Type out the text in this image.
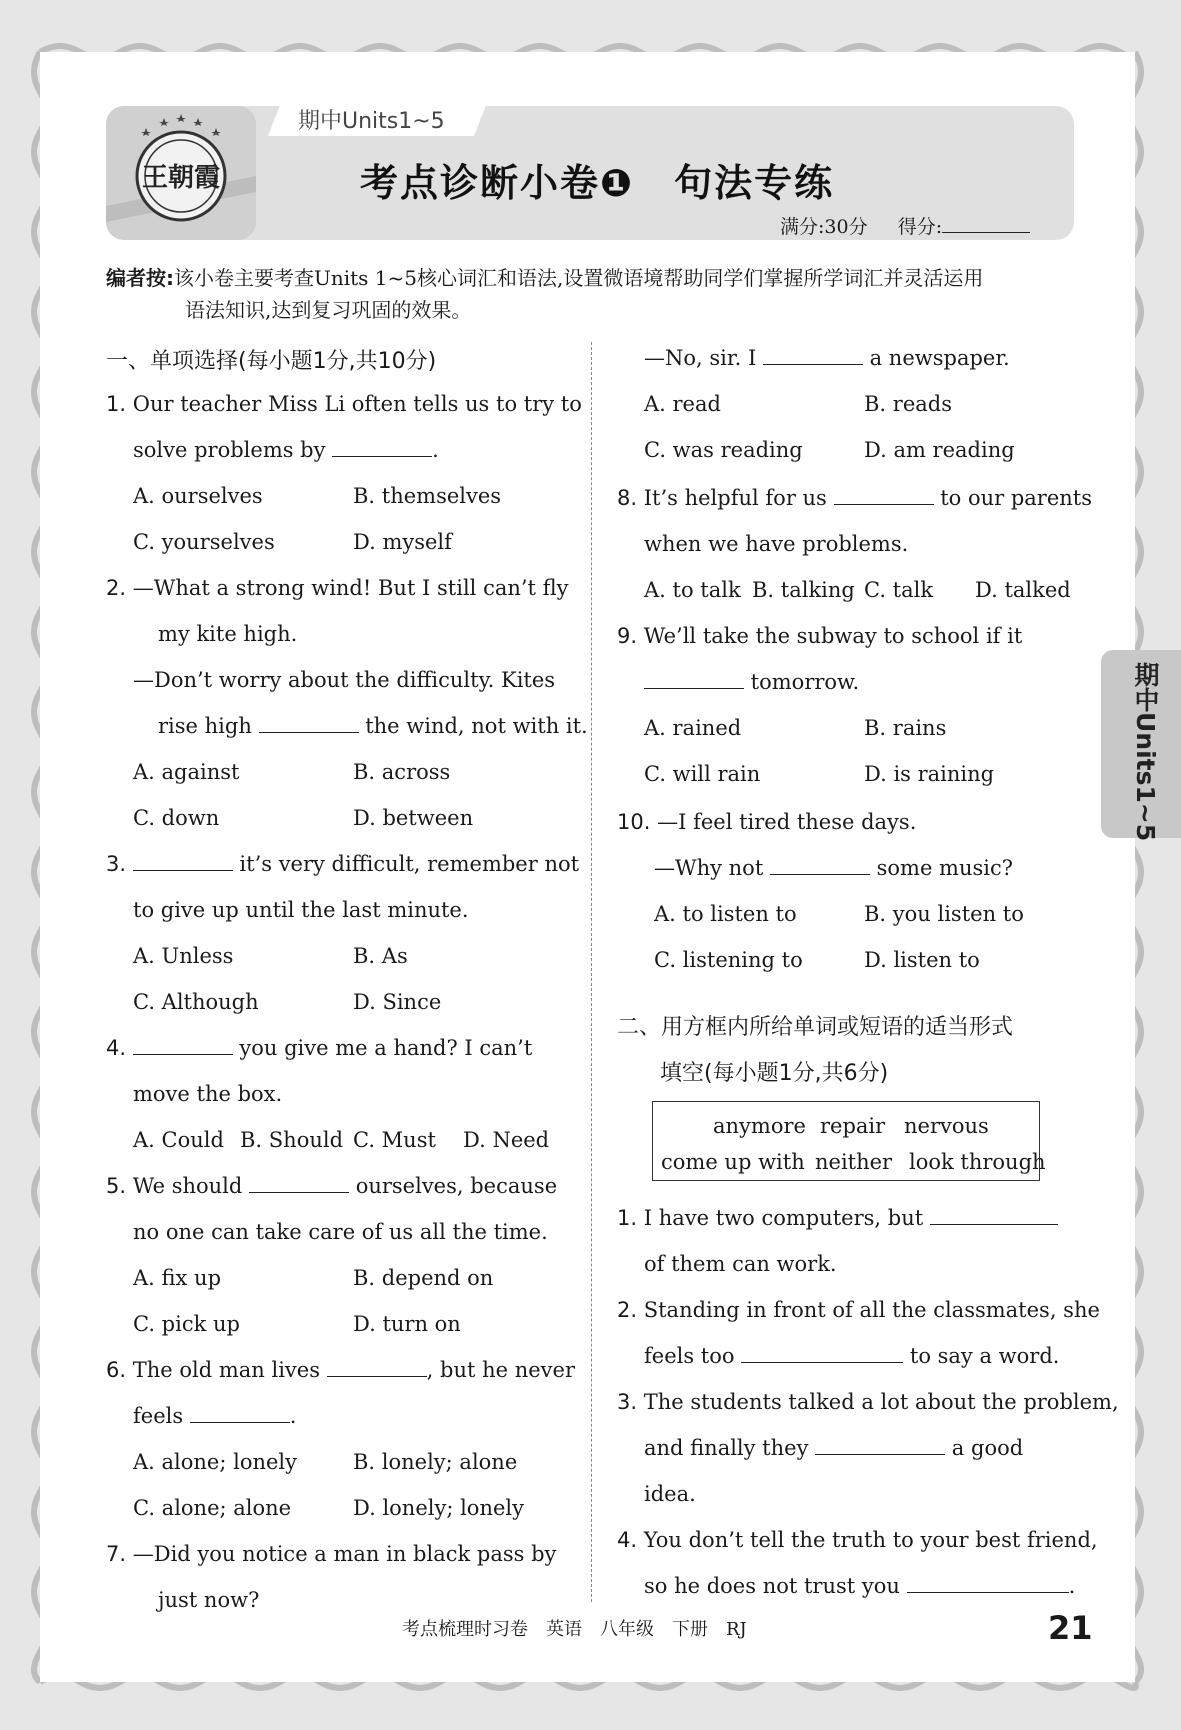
王朝霞
期中Units1~5
考点诊断小卷❶　句法专练
满分:30分 得分:
编者按:该小卷主要考查Units 1~5核心词汇和语法,设置微语境帮助同学们掌握所学词汇并灵活运用
语法知识,达到复习巩固的效果。
一、单项选择(每小题1分,共10分)
1. Our teacher Miss Li often tells us to try to
solve problems by	.
A. ourselves	B. themselves
C. yourselves	D. myself
2. —What a strong wind! But I still can’t fly
my kite high.
—Don’t worry about the difficulty. Kites
rise high	the wind, not with it.
A. against	B. across
C. down	D. between
3.	it’s very difficult, remember not
to give up until the last minute.
A. Unless	B. As
C. Although	D. Since
4.	you give me a hand? I can’t
move the box.
A. Could B. Should C. Must D. Need
5. We should	ourselves, because
no one can take care of us all the time.
A. fix up	B. depend on
C. pick up	D. turn on
6. The old man lives	, but he never
feels	.
A. alone; lonely	B. lonely; alone
C. alone; alone	D. lonely; lonely
7. —Did you notice a man in black pass by
just now?
—No, sir. I	a newspaper.
A. read	B. reads
C. was reading	D. am reading
8. It’s helpful for us	to our parents
when we have problems.
A. to talk B. talking C. talk D. talked
9. We’ll take the subway to school if it
tomorrow.
A. rained	B. rains
C. will rain	D. is raining
10. —I feel tired these days.
—Why not	some music?
A. to listen to	B. you listen to
C. listening to	D. listen to
二、用方框内所给单词或短语的适当形式
填空(每小题1分,共6分)
anymore repair nervous
come up with neither look through
1. I have two computers, but
of them can work.
2. Standing in front of all the classmates, she
feels too	to say a word.
3. The students talked a lot about the problem,
and finally they	a good
idea.
4. You don’t tell the truth to your best friend,
so he does not trust you	.
期中Units1~5
考点梳理时习卷　英语　八年级　下册　RJ	21
